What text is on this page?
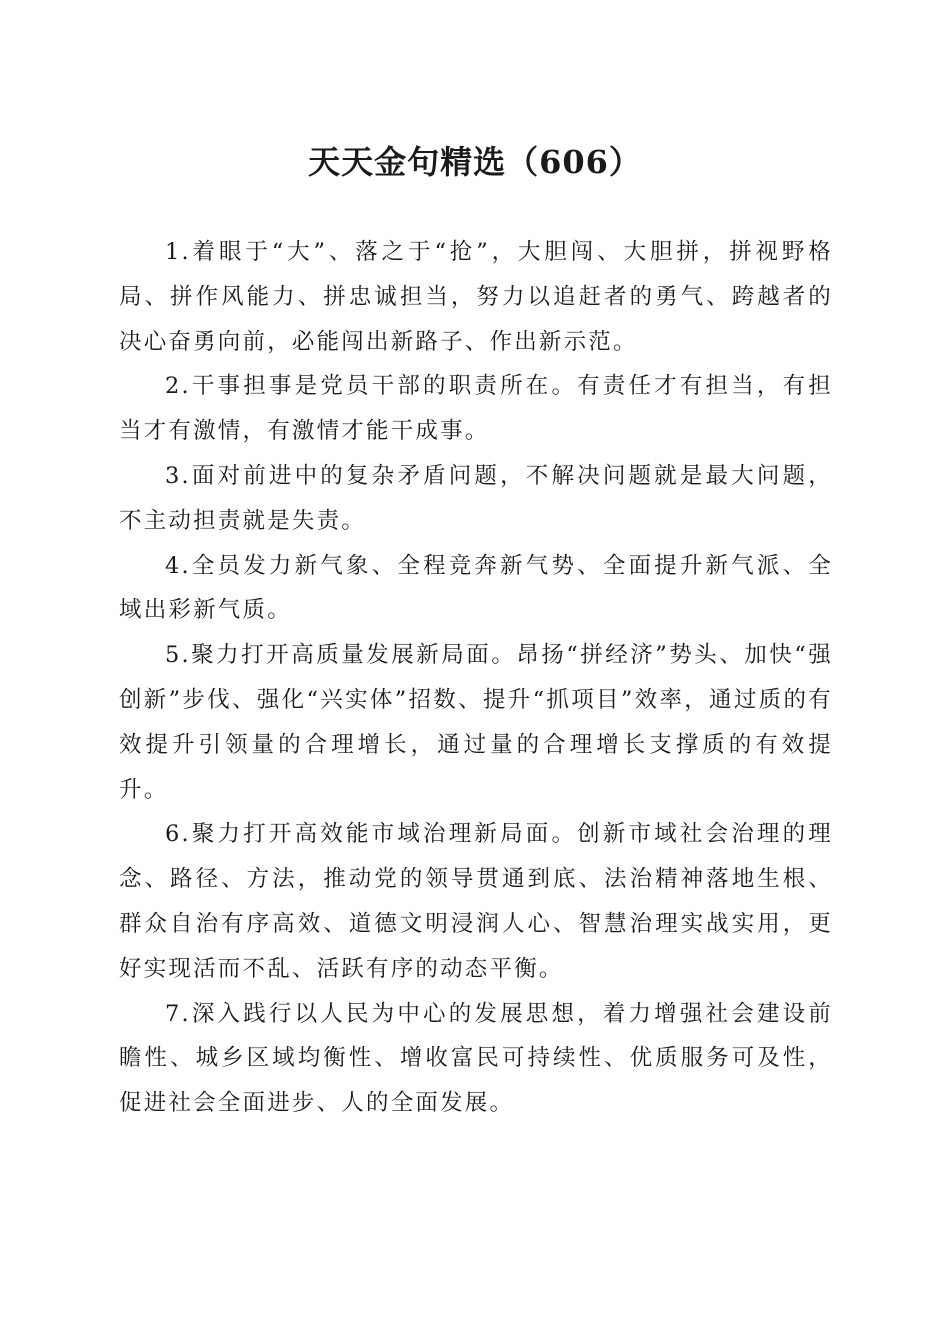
天天金句精选（606）

1.着眼于“大”、落之于“抢”，大胆闯、大胆拼，拼视野格局、拼作风能力、拼忠诚担当，努力以追赶者的勇气、跨越者的决心奋勇向前，必能闯出新路子、作出新示范。

2.干事担事是党员干部的职责所在。有责任才有担当，有担当才有激情，有激情才能干成事。

3.面对前进中的复杂矛盾问题，不解决问题就是最大问题，不主动担责就是失责。

4.全员发力新气象、全程竞奔新气势、全面提升新气派、全域出彩新气质。

5.聚力打开高质量发展新局面。昂扬“拼经济”势头、加快“强创新”步伐、强化“兴实体”招数、提升“抓项目”效率，通过质的有效提升引领量的合理增长，通过量的合理增长支撑质的有效提升。

6.聚力打开高效能市域治理新局面。创新市域社会治理的理念、路径、方法，推动党的领导贯通到底、法治精神落地生根、群众自治有序高效、道德文明浸润人心、智慧治理实战实用，更好实现活而不乱、活跃有序的动态平衡。

7.深入践行以人民为中心的发展思想，着力增强社会建设前瞻性、城乡区域均衡性、增收富民可持续性、优质服务可及性，促进社会全面进步、人的全面发展。
